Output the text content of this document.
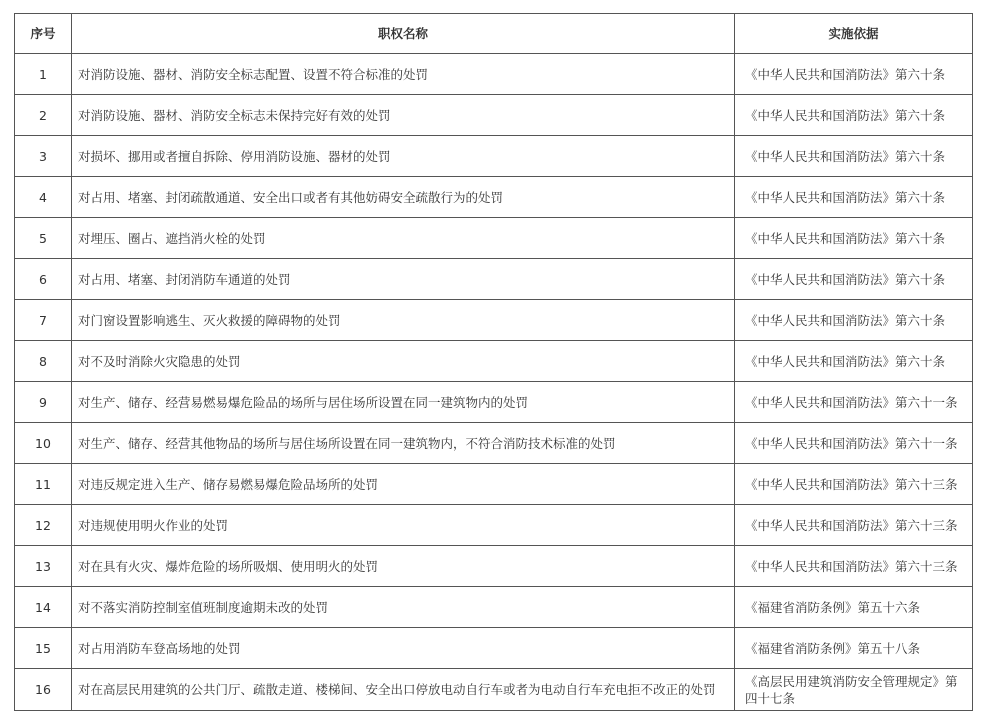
序号	职权名称	实施依据
1	对消防设施、器材、消防安全标志配置、设置不符合标准的处罚	《中华人民共和国消防法》第六十条
2	对消防设施、器材、消防安全标志未保持完好有效的处罚	《中华人民共和国消防法》第六十条
3	对损坏、挪用或者擅自拆除、停用消防设施、器材的处罚	《中华人民共和国消防法》第六十条
4	对占用、堵塞、封闭疏散通道、安全出口或者有其他妨碍安全疏散行为的处罚	《中华人民共和国消防法》第六十条
5	对埋压、圈占、遮挡消火栓的处罚	《中华人民共和国消防法》第六十条
6	对占用、堵塞、封闭消防车通道的处罚	《中华人民共和国消防法》第六十条
7	对门窗设置影响逃生、灭火救援的障碍物的处罚	《中华人民共和国消防法》第六十条
8	对不及时消除火灾隐患的处罚	《中华人民共和国消防法》第六十条
9	对生产、储存、经营易燃易爆危险品的场所与居住场所设置在同一建筑物内的处罚	《中华人民共和国消防法》第六十一条
10	对生产、储存、经营其他物品的场所与居住场所设置在同一建筑物内，不符合消防技术标准的处罚	《中华人民共和国消防法》第六十一条
11	对违反规定进入生产、储存易燃易爆危险品场所的处罚	《中华人民共和国消防法》第六十三条
12	对违规使用明火作业的处罚	《中华人民共和国消防法》第六十三条
13	对在具有火灾、爆炸危险的场所吸烟、使用明火的处罚	《中华人民共和国消防法》第六十三条
14	对不落实消防控制室值班制度逾期未改的处罚	《福建省消防条例》第五十六条
15	对占用消防车登高场地的处罚	《福建省消防条例》第五十八条
16	对在高层民用建筑的公共门厅、疏散走道、楼梯间、安全出口停放电动自行车或者为电动自行车充电拒不改正的处罚	《高层民用建筑消防安全管理规定》第四十七条
